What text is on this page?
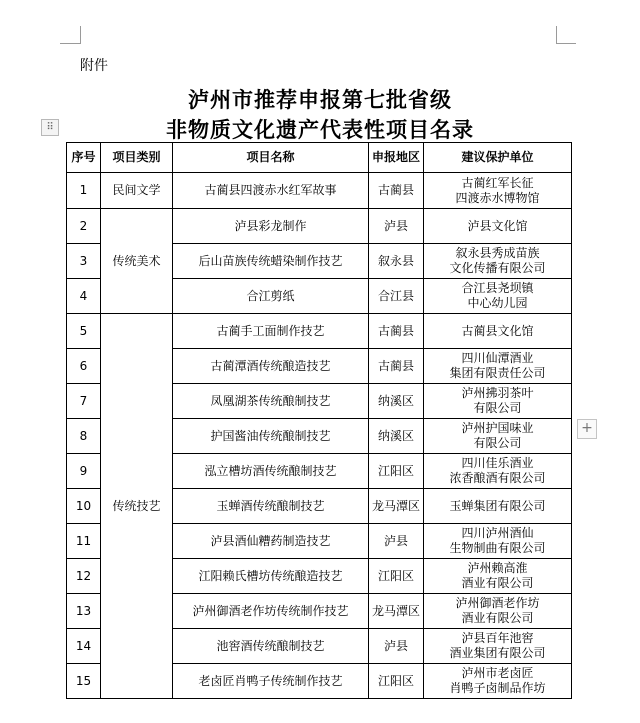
附件
泸州市推荐申报第七批省级
非物质文化遗产代表性项目名录
⠿
+
序号	项目类别	项目名称	申报地区	建议保护单位
1	民间文学	古蔺县四渡赤水红军故事	古蔺县	古蔺红军长征
四渡赤水博物馆

2	传统美术	泸县彩龙制作	泸县	泸县文化馆

3		后山苗族传统蜡染制作技艺	叙永县	叙永县秀成苗族
文化传播有限公司

4		合江剪纸	合江县	合江县尧坝镇
中心幼儿园

5	传统技艺	古蔺手工面制作技艺	古蔺县	古蔺县文化馆

6		古蔺潭酒传统酿造技艺	古蔺县	四川仙潭酒业
集团有限责任公司

7		凤凰湖茶传统酿制技艺	纳溪区	泸州拂羽茶叶
有限公司

8		护国酱油传统酿制技艺	纳溪区	泸州护国味业
有限公司

9		泓立槽坊酒传统酿制技艺	江阳区	四川佳乐酒业
浓香酿酒有限公司

10		玉蝉酒传统酿制技艺	龙马潭区	玉蝉集团有限公司

11		泸县酒仙糟药制造技艺	泸县	四川泸州酒仙
生物制曲有限公司

12		江阳赖氏槽坊传统酿造技艺	江阳区	泸州赖高淮
酒业有限公司

13		泸州御酒老作坊传统制作技艺	龙马潭区	泸州御酒老作坊
酒业有限公司

14		池窖酒传统酿制技艺	泸县	泸县百年池窖
酒业集团有限公司

15		老卤匠肖鸭子传统制作技艺	江阳区	泸州市老卤匠
肖鸭子卤制品作坊
